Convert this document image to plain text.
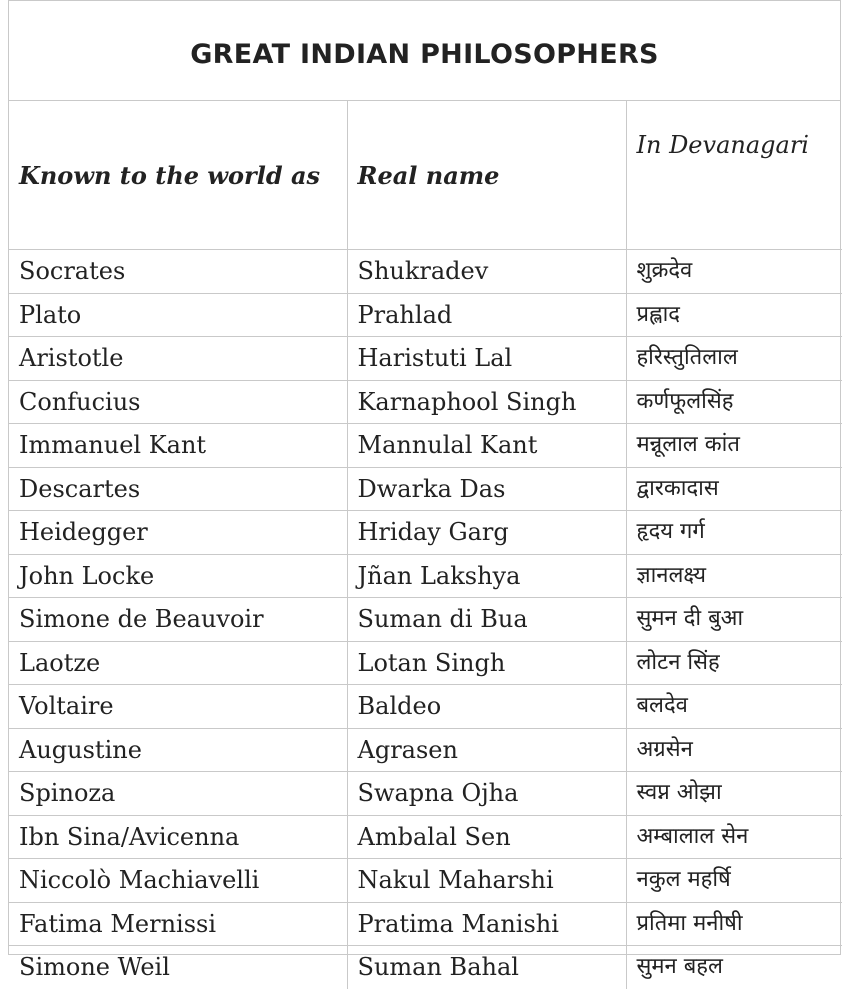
GREAT INDIAN PHILOSOPHERS
Known to the world as	Real name	In Devanagari
Socrates	Shukradev	शुक्रदेव
Plato	Prahlad	प्रह्लाद
Aristotle	Haristuti Lal	हरिस्तुतिलाल
Confucius	Karnaphool Singh	कर्णफूलसिंह
Immanuel Kant	Mannulal Kant	मन्नूलाल कांत
Descartes	Dwarka Das	द्वारकादास
Heidegger	Hriday Garg	हृदय गर्ग
John Locke	Jñan Lakshya	ज्ञानलक्ष्य
Simone de Beauvoir	Suman di Bua	सुमन दी बुआ
Laotze	Lotan Singh	लोटन सिंह
Voltaire	Baldeo	बलदेव
Augustine	Agrasen	अग्रसेन
Spinoza	Swapna Ojha	स्वप्न ओझा
Ibn Sina/Avicenna	Ambalal Sen	अम्बालाल सेन
Niccolò Machiavelli	Nakul Maharshi	नकुल महर्षि
Fatima Mernissi	Pratima Manishi	प्रतिमा मनीषी
Simone Weil	Suman Bahal	सुमन बहल
